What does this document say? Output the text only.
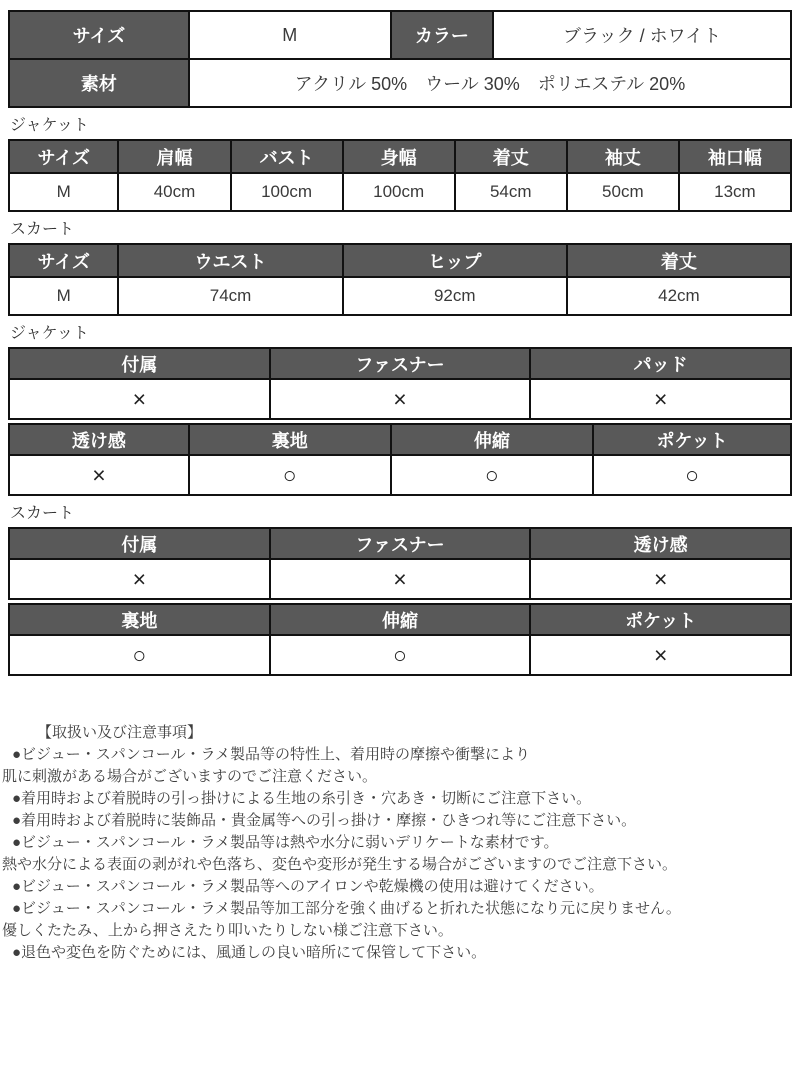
サイズ	M	カラー	ブラック / ホワイト
素材	アクリル 50%　ウール 30%　ポリエステル 20%		
ジャケット
サイズ	肩幅	バスト	身幅	着丈	袖丈	袖口幅
M	40cm	100cm	100cm	54cm	50cm	13cm
スカート
サイズ	ウエスト	ヒップ	着丈
M	74cm	92cm	42cm
ジャケット
付属	ファスナー	パッド
×	×	×
透け感	裏地	伸縮	ポケット
×	○	○	○
スカート
付属	ファスナー	透け感
×	×	×
裏地	伸縮	ポケット
○	○	×
【取扱い及び注意事項】
●ビジュー・スパンコール・ラメ製品等の特性上、着用時の摩擦や衝撃により
肌に刺激がある場合がございますのでご注意ください。
●着用時および着脱時の引っ掛けによる生地の糸引き・穴あき・切断にご注意下さい。
●着用時および着脱時に装飾品・貴金属等への引っ掛け・摩擦・ひきつれ等にご注意下さい。
●ビジュー・スパンコール・ラメ製品等は熱や水分に弱いデリケートな素材です。
熱や水分による表面の剥がれや色落ち、変色や変形が発生する場合がございますのでご注意下さい。
●ビジュー・スパンコール・ラメ製品等へのアイロンや乾燥機の使用は避けてください。
●ビジュー・スパンコール・ラメ製品等加工部分を強く曲げると折れた状態になり元に戻りません。
優しくたたみ、上から押さえたり叩いたりしない様ご注意下さい。
●退色や変色を防ぐためには、風通しの良い暗所にて保管して下さい。
